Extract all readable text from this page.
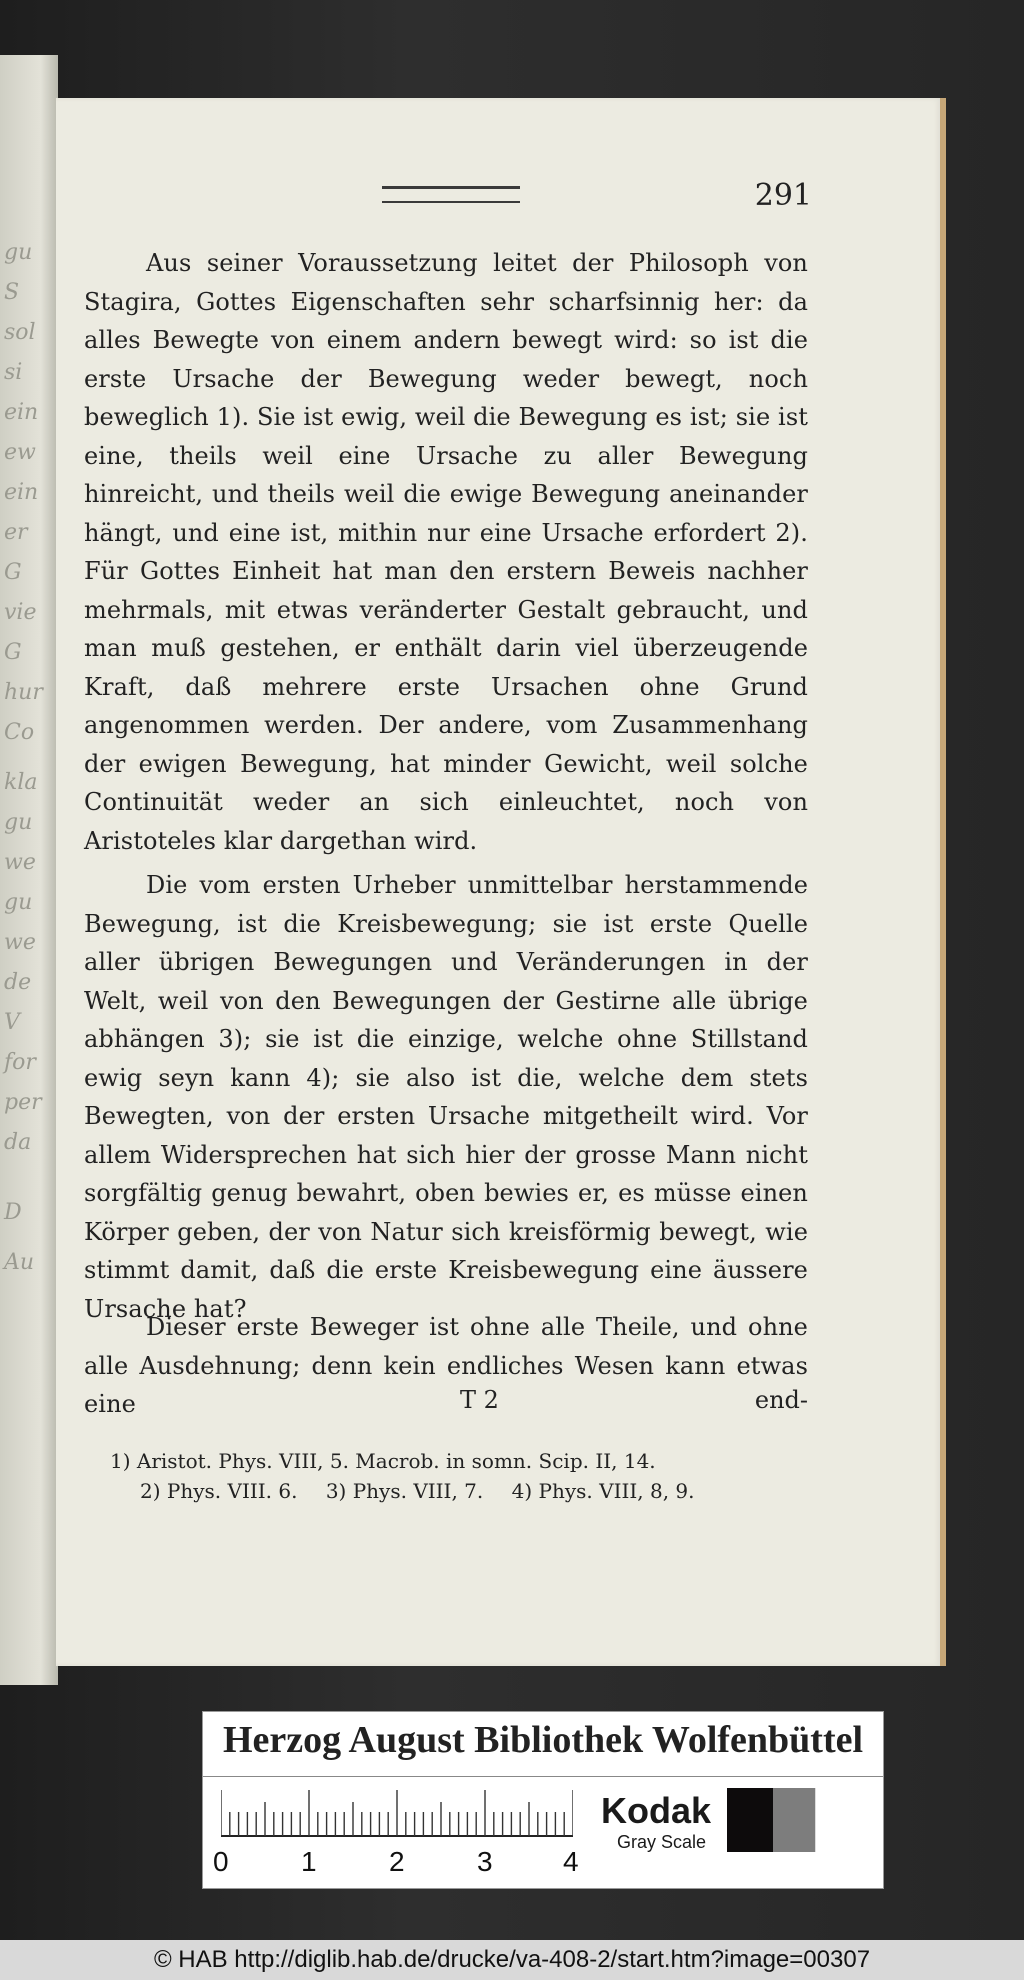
gu
S
sol
si
ein
ew
ein
er
G
vie
G
hur
Co
kla
gu
we
gu
we
de
V
for
per
da
D
Au
291

Aus seiner Voraussetzung leitet der Philosoph von Stagira, Gottes Eigenschaften sehr scharfsinnig her: da alles Bewegte von einem andern bewegt wird: so ist die erste Ursache der Bewegung weder bewegt, noch beweglich 1). Sie ist ewig, weil die Bewegung es ist; sie ist eine, theils weil eine Ursache zu aller Bewegung hinreicht, und theils weil die ewige Bewegung aneinander hängt, und eine ist, mithin nur eine Ursache erfordert 2). Für Gottes Einheit hat man den erstern Beweis nachher mehrmals, mit etwas veränderter Gestalt gebraucht, und man muß gestehen, er enthält darin viel überzeugende Kraft, daß mehrere erste Ursachen ohne Grund angenommen werden. Der andere, vom Zusammenhang der ewigen Bewegung, hat minder Gewicht, weil solche Continuität weder an sich einleuchtet, noch von Aristoteles klar dargethan wird.

Die vom ersten Urheber unmittelbar herstammende Bewegung, ist die Kreisbewegung; sie ist erste Quelle aller übrigen Bewegungen und Veränderungen in der Welt, weil von den Bewegungen der Gestirne alle übrige abhängen 3); sie ist die einzige, welche ohne Stillstand ewig seyn kann 4); sie also ist die, welche dem stets Bewegten, von der ersten Ursache mitgetheilt wird. Vor allem Widersprechen hat sich hier der grosse Mann nicht sorgfältig genug bewahrt, oben bewies er, es müsse einen Körper geben, der von Natur sich kreisförmig bewegt, wie stimmt damit, daß die erste Kreisbewegung eine äussere Ursache hat?

Dieser erste Beweger ist ohne alle Theile, und ohne alle Ausdehnung; denn kein endliches Wesen kann etwas eine	T 2	end-
1) Aristot. Phys. VIII, 5. Macrob. in somn. Scip. II, 14.
2) Phys. VIII. 6. 3) Phys. VIII, 7. 4) Phys. VIII, 8, 9.
Herzog August Bibliothek Wolfenbüttel
0	1	2	3	4
Kodak
Gray Scale
© HAB http://diglib.hab.de/drucke/va-408-2/start.htm?image=00307
